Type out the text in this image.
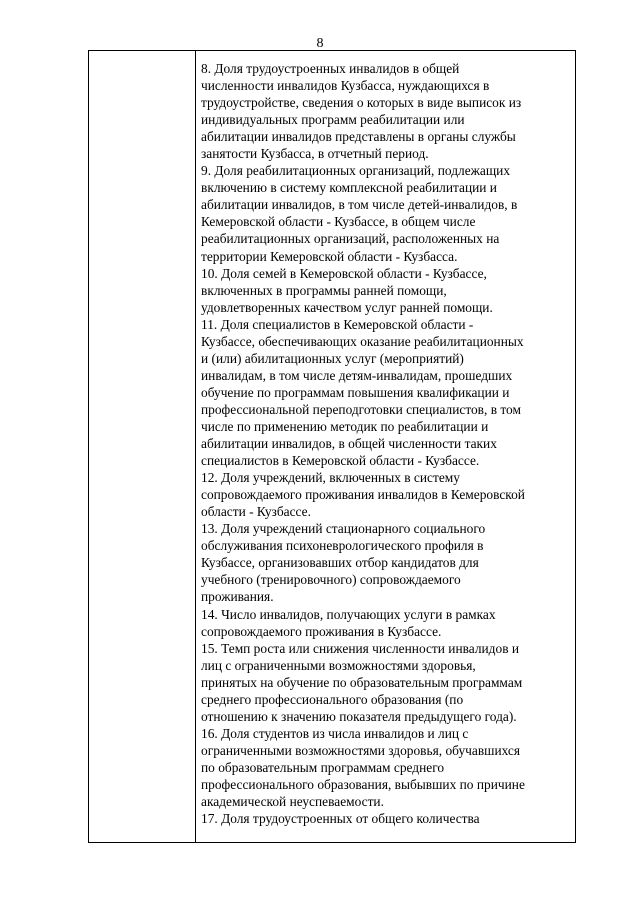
8
8. Доля трудоустроенных инвалидов в общей
численности инвалидов Кузбасса, нуждающихся в
трудоустройстве, сведения о которых в виде выписок из
индивидуальных программ реабилитации или
абилитации инвалидов представлены в органы службы
занятости Кузбасса, в отчетный период.
9. Доля реабилитационных организаций, подлежащих
включению в систему комплексной реабилитации и
абилитации инвалидов, в том числе детей-инвалидов, в
Кемеровской области - Кузбассе, в общем числе
реабилитационных организаций, расположенных на
территории Кемеровской области - Кузбасса.
10. Доля семей в Кемеровской области - Кузбассе,
включенных в программы ранней помощи,
удовлетворенных качеством услуг ранней помощи.
11. Доля специалистов в Кемеровской области -
Кузбассе, обеспечивающих оказание реабилитационных
и (или) абилитационных услуг (мероприятий)
инвалидам, в том числе детям-инвалидам, прошедших
обучение по программам повышения квалификации и
профессиональной переподготовки специалистов, в том
числе по применению методик по реабилитации и
абилитации инвалидов, в общей численности таких
специалистов в Кемеровской области - Кузбассе.
12. Доля учреждений, включенных в систему
сопровождаемого проживания инвалидов в Кемеровской
области - Кузбассе.
13. Доля учреждений стационарного социального
обслуживания психоневрологического профиля в
Кузбассе, организовавших отбор кандидатов для
учебного (тренировочного) сопровождаемого
проживания.
14. Число инвалидов, получающих услуги в рамках
сопровождаемого проживания в Кузбассе.
15. Темп роста или снижения численности инвалидов и
лиц с ограниченными возможностями здоровья,
принятых на обучение по образовательным программам
среднего профессионального образования (по
отношению к значению показателя предыдущего года).
16. Доля студентов из числа инвалидов и лиц с
ограниченными возможностями здоровья, обучавшихся
по образовательным программам среднего
профессионального образования, выбывших по причине
академической неуспеваемости.
17. Доля трудоустроенных от общего количества
